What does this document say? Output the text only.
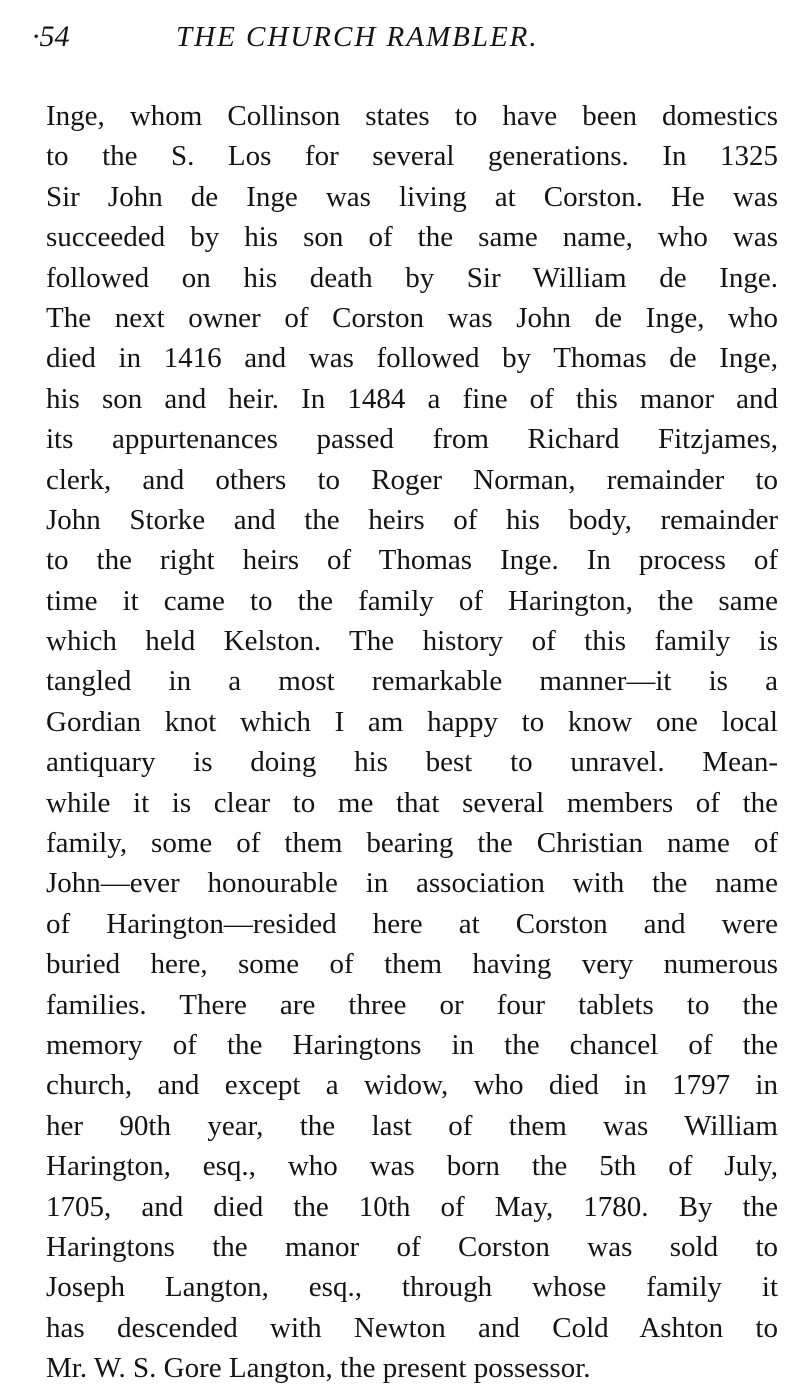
·54	THE CHURCH RAMBLER.
Inge, whom Collinson states to have been domestics
to the S. Los for several generations. In 1325
Sir John de Inge was living at Corston. He was
succeeded by his son of the same name, who was
followed on his death by Sir William de Inge.
The next owner of Corston was John de Inge, who
died in 1416 and was followed by Thomas de Inge,
his son and heir. In 1484 a fine of this manor and
its appurtenances passed from Richard Fitzjames,
clerk, and others to Roger Norman, remainder to
John Storke and the heirs of his body, remainder
to the right heirs of Thomas Inge. In process of
time it came to the family of Harington, the same
which held Kelston. The history of this family is
tangled in a most remarkable manner—it is a
Gordian knot which I am happy to know one local
antiquary is doing his best to unravel. Mean-
while it is clear to me that several members of the
family, some of them bearing the Christian name of
John—ever honourable in association with the name
of Harington—resided here at Corston and were
buried here, some of them having very numerous
families. There are three or four tablets to the
memory of the Haringtons in the chancel of the
church, and except a widow, who died in 1797 in
her 90th year, the last of them was William
Harington, esq., who was born the 5th of July,
1705, and died the 10th of May, 1780. By the
Haringtons the manor of Corston was sold to
Joseph Langton, esq., through whose family it
has descended with Newton and Cold Ashton to
Mr. W. S. Gore Langton, the present possessor.
